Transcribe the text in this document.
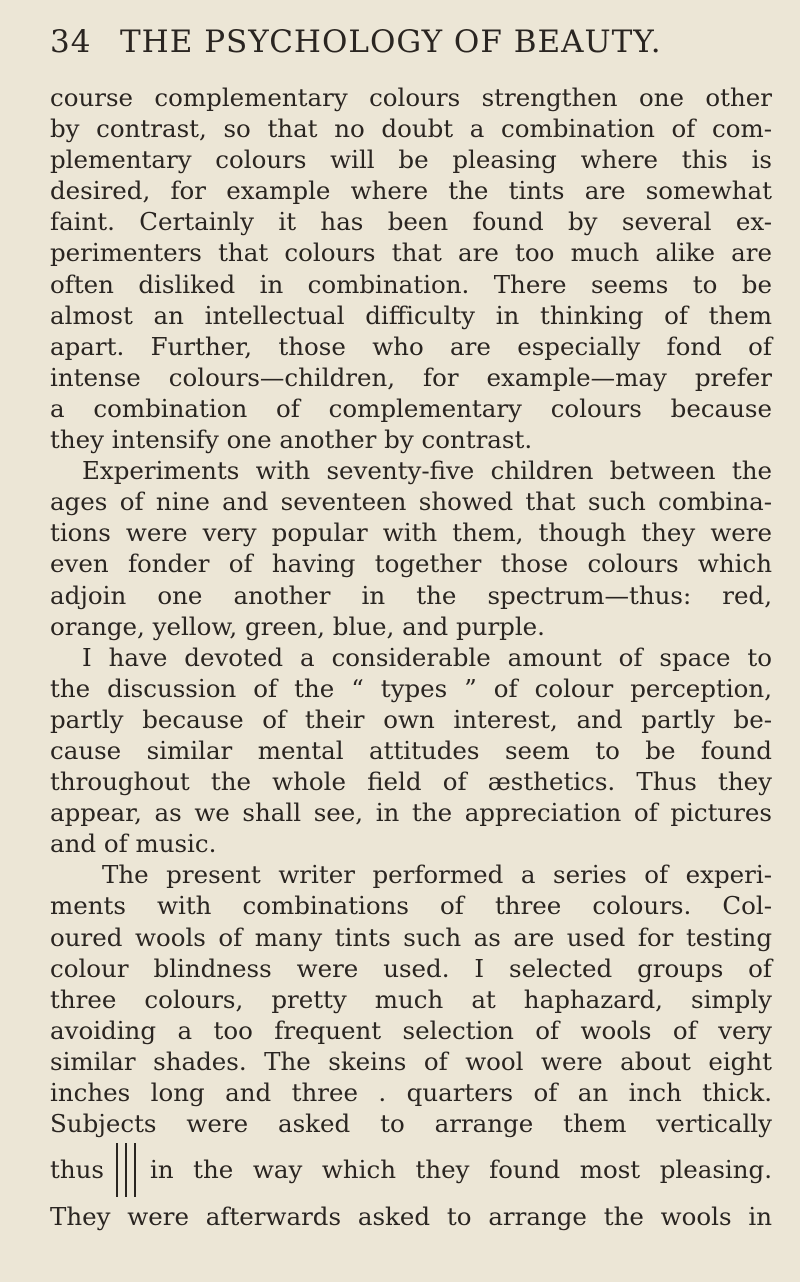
34 THE PSYCHOLOGY OF BEAUTY.
course complementary colours strengthen one other
by contrast, so that no doubt a combination of com-
plementary colours will be pleasing where this is
desired, for example where the tints are somewhat
faint. Certainly it has been found by several ex-
perimenters that colours that are too much alike are
often disliked in combination. There seems to be
almost an intellectual difficulty in thinking of them
apart. Further, those who are especially fond of
intense colours—children, for example—may prefer
a combination of complementary colours because
they intensify one another by contrast.
Experiments with seventy-five children between the
ages of nine and seventeen showed that such combina-
tions were very popular with them, though they were
even fonder of having together those colours which
adjoin one another in the spectrum—thus: red,
orange, yellow, green, blue, and purple.
I have devoted a considerable amount of space to
the discussion of the “ types ” of colour perception,
partly because of their own interest, and partly be-
cause similar mental attitudes seem to be found
throughout the whole field of æsthetics. Thus they
appear, as we shall see, in the appreciation of pictures
and of music.
The present writer performed a series of experi-
ments with combinations of three colours. Col-
oured wools of many tints such as are used for testing
colour blindness were used. I selected groups of
three colours, pretty much at haphazard, simply
avoiding a too frequent selection of wools of very
similar shades. The skeins of wool were about eight
inches long and three . quarters of an inch thick.
Subjects were asked to arrange them vertically
thus in the way which they found most pleasing.
They were afterwards asked to arrange the wools in
